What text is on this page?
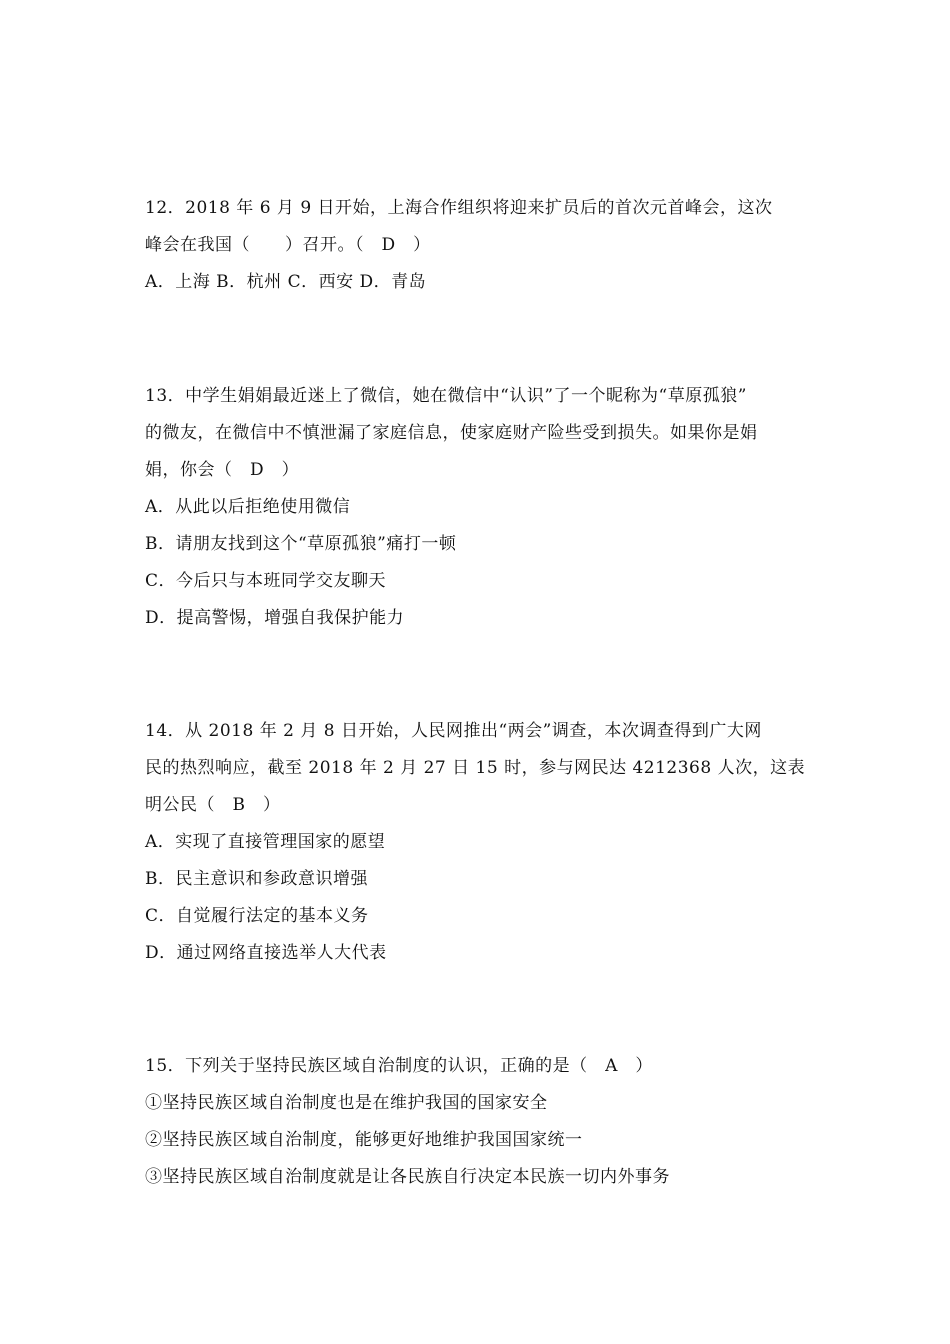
12．2018 年 6 月 9 日开始，上海合作组织将迎来扩员后的首次元首峰会，这次
峰会在我国（　　）召开。（　D　）
A．上海 B．杭州 C．西安 D．青岛
13．中学生娟娟最近迷上了微信，她在微信中“认识”了一个昵称为“草原孤狼”
的微友，在微信中不慎泄漏了家庭信息，使家庭财产险些受到损失。如果你是娟
娟，你会（　D　）
A．从此以后拒绝使用微信
B．请朋友找到这个“草原孤狼”痛打一顿
C．今后只与本班同学交友聊天
D．提高警惕，增强自我保护能力
14．从 2018 年 2 月 8 日开始，人民网推出“两会”调查，本次调查得到广大网
民的热烈响应，截至 2018 年 2 月 27 日 15 时，参与网民达 4212368 人次，这表
明公民（　B　）
A．实现了直接管理国家的愿望
B．民主意识和参政意识增强
C．自觉履行法定的基本义务
D．通过网络直接选举人大代表
15．下列关于坚持民族区域自治制度的认识，正确的是（　A　）
①坚持民族区域自治制度也是在维护我国的国家安全
②坚持民族区域自治制度，能够更好地维护我国国家统一
③坚持民族区域自治制度就是让各民族自行决定本民族一切内外事务
